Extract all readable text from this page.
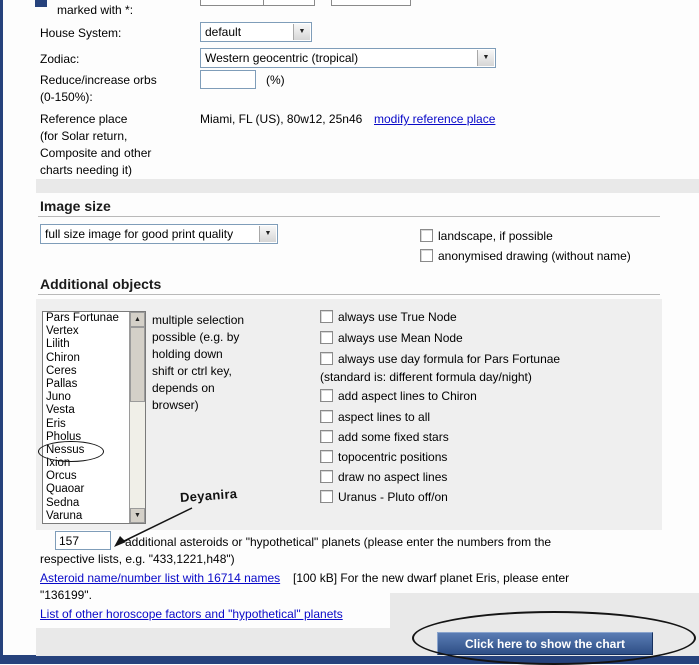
marked with *:
House System:	default	▼
Zodiac:	Western geocentric (tropical)	▼
Reduce/increase orbs
(0-150%):
(%)
Reference place
(for Solar return,
Composite and other
charts needing it)
Miami, FL (US), 80w12, 25n46 modify reference place
Image size
full size image for good print quality	▼	landscape, if possible
anonymised drawing (without name)
Additional objects
Pars Fortunae
Vertex
Lilith
Chiron
Ceres
Pallas
Juno
Vesta
Eris
Pholus
Nessus
Ixion
Orcus
Quaoar
Sedna
Varuna
▲
▼
multiple selection
possible (e.g. by
holding down
shift or ctrl key,
depends on
browser)
always use True Node
always use Mean Node
always use day formula for Pars Fortunae
(standard is: different formula day/night)
add aspect lines to Chiron
aspect lines to all
add some fixed stars
topocentric positions
draw no aspect lines
Uranus - Pluto off/on
Deyanira
157
additional asteroids or "hypothetical" planets (please enter the numbers from the
respective lists, e.g. "433,1221,h48")
Asteroid name/number list with 16714 names [100 kB] For the new dwarf planet Eris, please enter
"136199".
List of other horoscope factors and "hypothetical" planets
Click here to show the chart
